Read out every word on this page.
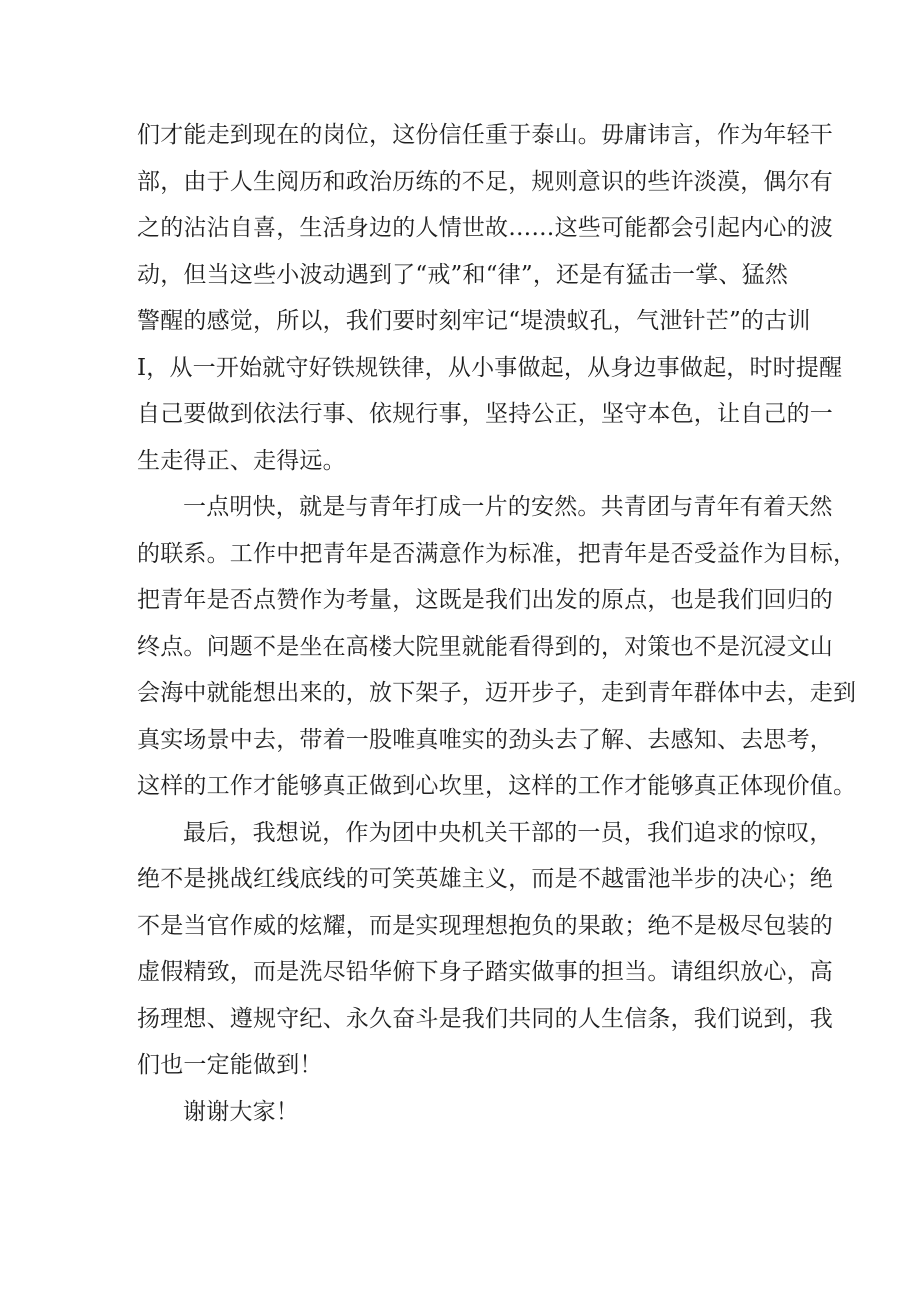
们才能走到现在的岗位，这份信任重于泰山。毋庸讳言，作为年轻干
部，由于人生阅历和政治历练的不足，规则意识的些许淡漠，偶尔有
之的沾沾自喜，生活身边的人情世故……这些可能都会引起内心的波
动，但当这些小波动遇到了“戒”和“律”，还是有猛击一掌、猛然
警醒的感觉，所以，我们要时刻牢记“堤溃蚁孔，气泄针芒”的古训
I，从一开始就守好铁规铁律，从小事做起，从身边事做起，时时提醒
自己要做到依法行事、依规行事，坚持公正，坚守本色，让自己的一
生走得正、走得远。
一点明快，就是与青年打成一片的安然。共青团与青年有着天然
的联系。工作中把青年是否满意作为标准，把青年是否受益作为目标，
把青年是否点赞作为考量，这既是我们出发的原点，也是我们回归的
终点。问题不是坐在高楼大院里就能看得到的，对策也不是沉浸文山
会海中就能想出来的，放下架子，迈开步子，走到青年群体中去，走到
真实场景中去，带着一股唯真唯实的劲头去了解、去感知、去思考，
这样的工作才能够真正做到心坎里，这样的工作才能够真正体现价值。
最后，我想说，作为团中央机关干部的一员，我们追求的惊叹，
绝不是挑战红线底线的可笑英雄主义，而是不越雷池半步的决心；绝
不是当官作威的炫耀，而是实现理想抱负的果敢；绝不是极尽包装的
虚假精致，而是洗尽铅华俯下身子踏实做事的担当。请组织放心，高
扬理想、遵规守纪、永久奋斗是我们共同的人生信条，我们说到，我
们也一定能做到！
谢谢大家！
